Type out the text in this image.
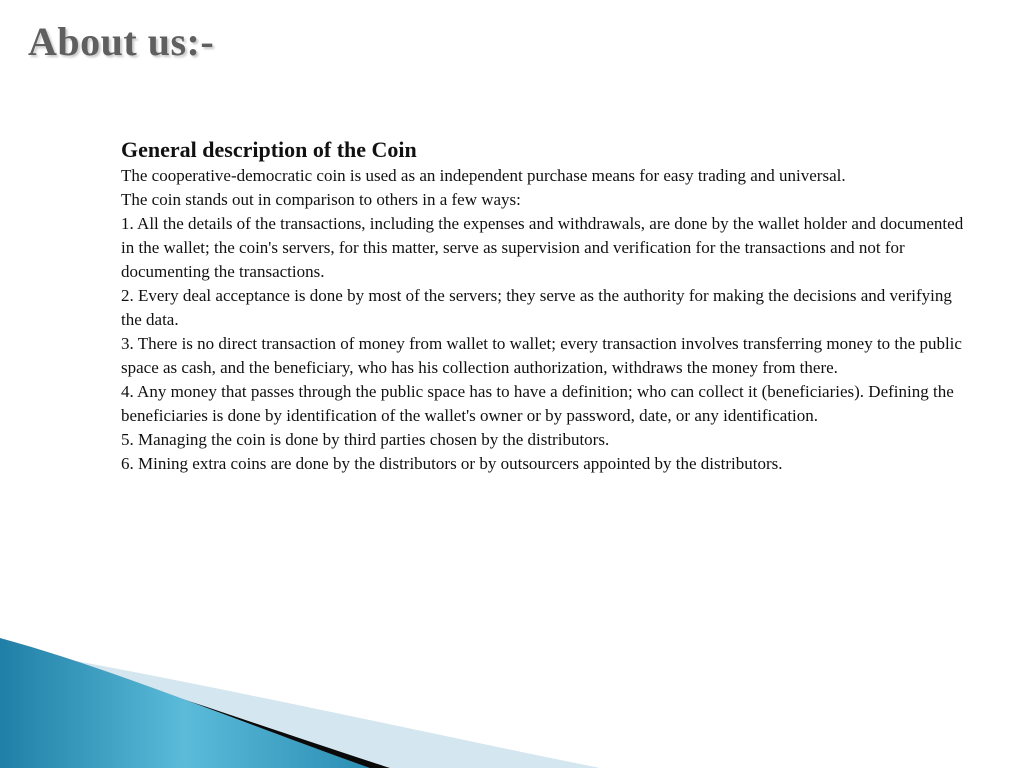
About us:-

General description of the Coin

The cooperative-democratic coin is used as an independent purchase means for easy trading and universal.

The coin stands out in comparison to others in a few ways:

1. All the details of the transactions, including the expenses and withdrawals, are done by the wallet holder and documented in the wallet; the coin's servers, for this matter, serve as supervision and verification for the transactions and not for documenting the transactions.

2. Every deal acceptance is done by most of the servers; they serve as the authority for making the decisions and verifying the data.

3. There is no direct transaction of money from wallet to wallet; every transaction involves transferring money to the public space as cash, and the beneficiary, who has his collection authorization, withdraws the money from there.

4. Any money that passes through the public space has to have a definition; who can collect it (beneficiaries). Defining the beneficiaries is done by identification of the wallet's owner or by password, date, or any identification.

5. Managing the coin is done by third parties chosen by the distributors.

6. Mining extra coins are done by the distributors or by outsourcers appointed by the distributors.
